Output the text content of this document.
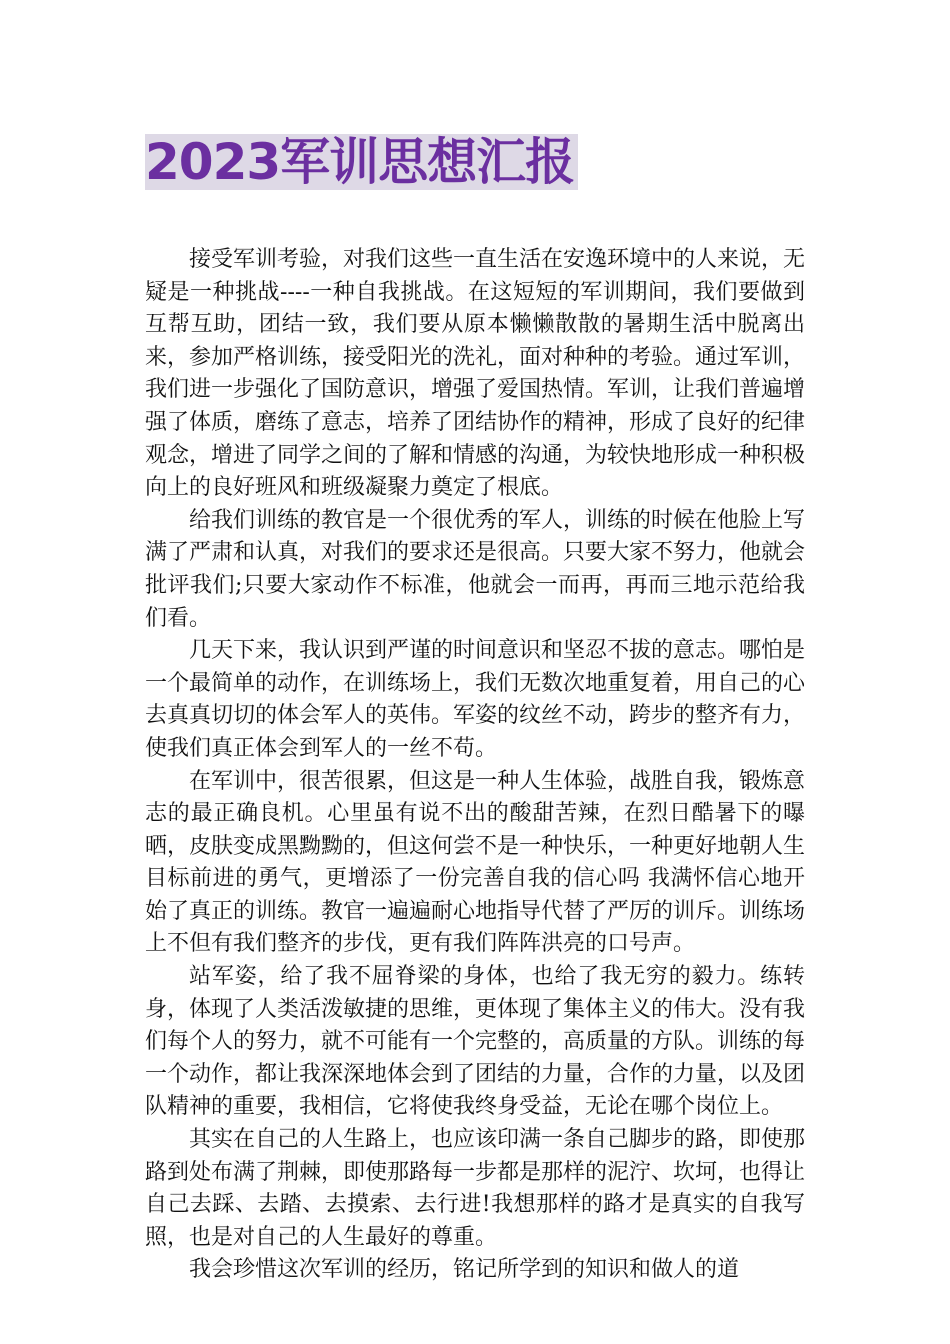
2023军训思想汇报

接受军训考验，对我们这些一直生活在安逸环境中的人来说，无疑是一种挑战----一种自我挑战。在这短短的军训期间，我们要做到互帮互助，团结一致，我们要从原本懒懒散散的暑期生活中脱离出来，参加严格训练，接受阳光的洗礼，面对种种的考验。通过军训，我们进一步强化了国防意识，增强了爱国热情。军训，让我们普遍增强了体质，磨练了意志，培养了团结协作的精神，形成了良好的纪律观念，增进了同学之间的了解和情感的沟通，为较快地形成一种积极向上的良好班风和班级凝聚力奠定了根底。

给我们训练的教官是一个很优秀的军人，训练的时候在他脸上写满了严肃和认真，对我们的要求还是很高。只要大家不努力，他就会批评我们;只要大家动作不标准，他就会一而再，再而三地示范给我们看。

几天下来，我认识到严谨的时间意识和坚忍不拔的意志。哪怕是一个最简单的动作，在训练场上，我们无数次地重复着，用自己的心去真真切切的体会军人的英伟。军姿的纹丝不动，跨步的整齐有力，使我们真正体会到军人的一丝不苟。

在军训中，很苦很累，但这是一种人生体验，战胜自我，锻炼意志的最正确良机。心里虽有说不出的酸甜苦辣，在烈日酷暑下的曝晒，皮肤变成黑黝黝的，但这何尝不是一种快乐，一种更好地朝人生目标前进的勇气，更增添了一份完善自我的信心吗 我满怀信心地开始了真正的训练。教官一遍遍耐心地指导代替了严厉的训斥。训练场上不但有我们整齐的步伐，更有我们阵阵洪亮的口号声。

站军姿，给了我不屈脊梁的身体，也给了我无穷的毅力。练转身，体现了人类活泼敏捷的思维，更体现了集体主义的伟大。没有我们每个人的努力，就不可能有一个完整的，高质量的方队。训练的每一个动作，都让我深深地体会到了团结的力量，合作的力量，以及团队精神的重要，我相信，它将使我终身受益，无论在哪个岗位上。

其实在自己的人生路上，也应该印满一条自己脚步的路，即使那路到处布满了荆棘，即使那路每一步都是那样的泥泞、坎坷，也得让自己去踩、去踏、去摸索、去行进!我想那样的路才是真实的自我写照，也是对自己的人生最好的尊重。

我会珍惜这次军训的经历，铭记所学到的知识和做人的道
